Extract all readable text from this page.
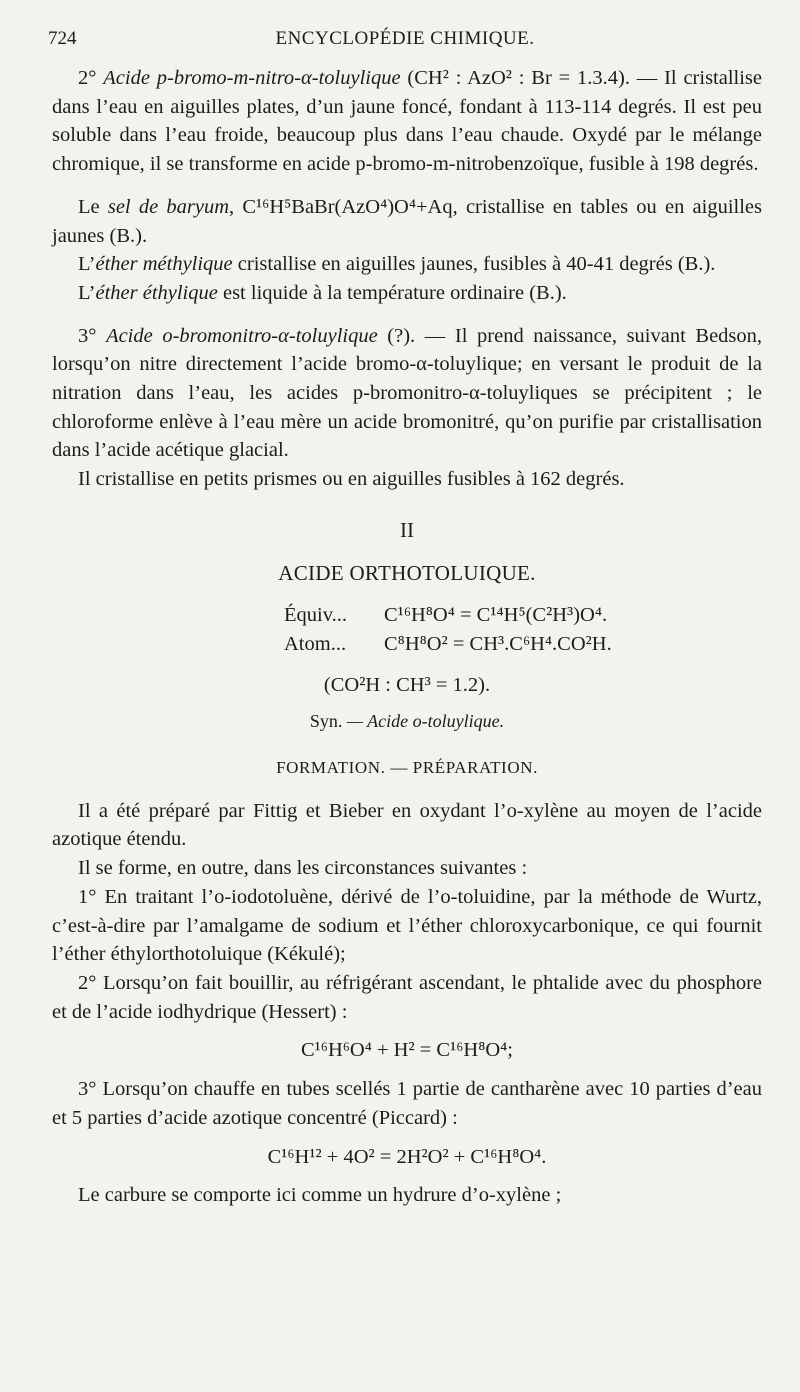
724	ENCYCLOPÉDIE CHIMIQUE.

2° Acide p-bromo-m-nitro-α-toluylique (CH² : AzO² : Br = 1.3.4). — Il cristallise dans l’eau en aiguilles plates, d’un jaune foncé, fondant à 113-114 degrés. Il est peu soluble dans l’eau froide, beaucoup plus dans l’eau chaude. Oxydé par le mélange chromique, il se transforme en acide p-bromo-m-nitrobenzoïque, fusible à 198 degrés.

Le sel de baryum, C¹⁶H⁵BaBr(AzO⁴)O⁴+Aq, cristallise en tables ou en aiguilles jaunes (B.).

L’éther méthylique cristallise en aiguilles jaunes, fusibles à 40-41 degrés (B.).

L’éther éthylique est liquide à la température ordinaire (B.).

3° Acide o-bromonitro-α-toluylique (?). — Il prend naissance, suivant Bedson, lorsqu’on nitre directement l’acide bromo-α-toluylique; en versant le produit de la nitration dans l’eau, les acides p-bromonitro-α-toluyliques se précipitent ; le chloroforme enlève à l’eau mère un acide bromonitré, qu’on purifie par cristallisation dans l’acide acétique glacial.

Il cristallise en petits prismes ou en aiguilles fusibles à 162 degrés.

II
ACIDE ORTHOTOLUIQUE.
Équiv...	C¹⁶H⁸O⁴ = C¹⁴H⁵(C²H³)O⁴.
Atom...	C⁸H⁸O² = CH³.C⁶H⁴.CO²H.
(CO²H : CH³ = 1.2).
Syn. — Acide o-toluylique.
FORMATION. — PRÉPARATION.

Il a été préparé par Fittig et Bieber en oxydant l’o-xylène au moyen de l’acide azotique étendu.

Il se forme, en outre, dans les circonstances suivantes :

1° En traitant l’o-iodotoluène, dérivé de l’o-toluidine, par la méthode de Wurtz, c’est-à-dire par l’amalgame de sodium et l’éther chloroxycarbonique, ce qui fournit l’éther éthylorthotoluique (Kékulé);

2° Lorsqu’on fait bouillir, au réfrigérant ascendant, le phtalide avec du phosphore et de l’acide iodhydrique (Hessert) :

C¹⁶H⁶O⁴ + H² = C¹⁶H⁸O⁴;

3° Lorsqu’on chauffe en tubes scellés 1 partie de cantharène avec 10 parties d’eau et 5 parties d’acide azotique concentré (Piccard) :

C¹⁶H¹² + 4O² = 2H²O² + C¹⁶H⁸O⁴.

Le carbure se comporte ici comme un hydrure d’o-xylène ;
